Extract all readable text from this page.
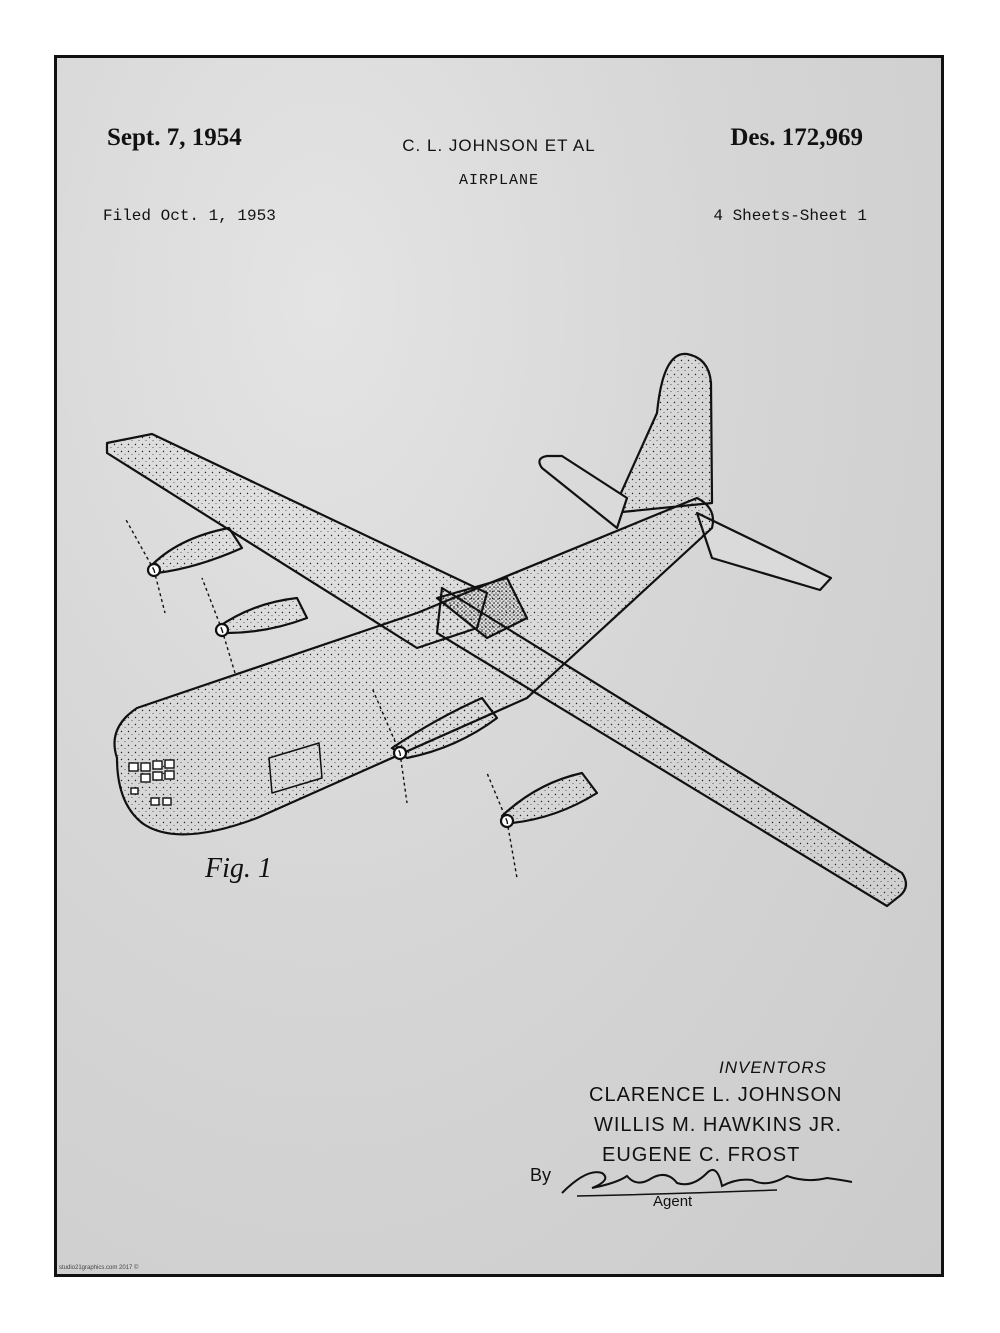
Sept. 7, 1954	C. L. JOHNSON ET AL	Des. 172,969
AIRPLANE
Filed Oct. 1, 1953	4 Sheets-Sheet 1
Fig. 1
INVENTORS
CLARENCE L. JOHNSON
WILLIS M. HAWKINS JR.
EUGENE C. FROST
By
Agent
studio21graphics.com 2017 ©
